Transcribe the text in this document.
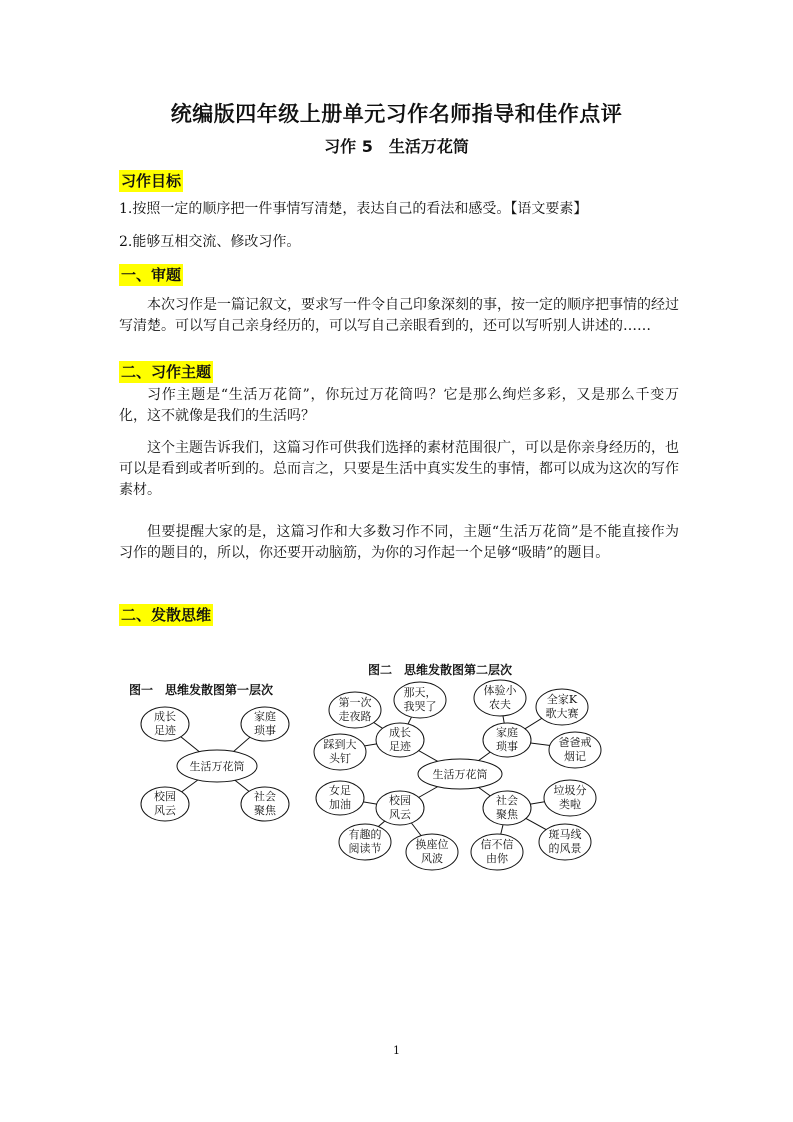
统编版四年级上册单元习作名师指导和佳作点评
习作 5　生活万花筒
习作目标
1.按照一定的顺序把一件事情写清楚，表达自己的看法和感受。【语文要素】
2.能够互相交流、修改习作。
一、审题
本次习作是一篇记叙文，要求写一件令自己印象深刻的事，按一定的顺序把事情的经过写清楚。可以写自己亲身经历的，可以写自己亲眼看到的，还可以写听别人讲述的……
二、习作主题
习作主题是“生活万花筒”，你玩过万花筒吗？它是那么绚烂多彩，又是那么千变万化，这不就像是我们的生活吗？
这个主题告诉我们，这篇习作可供我们选择的素材范围很广，可以是你亲身经历的，也可以是看到或者听到的。总而言之，只要是生活中真实发生的事情，都可以成为这次的写作素材。
但要提醒大家的是，这篇习作和大多数习作不同，主题“生活万花筒”是不能直接作为习作的题目的，所以，你还要开动脑筋，为你的习作起一个足够“吸睛”的题目。
二、发散思维
图一　思维发散图第一层次
成长
足迹
家庭
琐事
生活万花筒
校园
风云
社会
聚焦
图二　思维发散图第二层次
第一次
走夜路
那天，
我哭了
踩到大
头钉
体验小
农夫	全家K
歌大赛
爸爸戒
烟记
女足
加油
有趣的
阅读节	换座位
风波
信不信
由你
垃圾分
类啦
斑马线
的风景
成长
足迹
家庭
琐事
校园
风云
社会
聚焦
生活万花筒
1
